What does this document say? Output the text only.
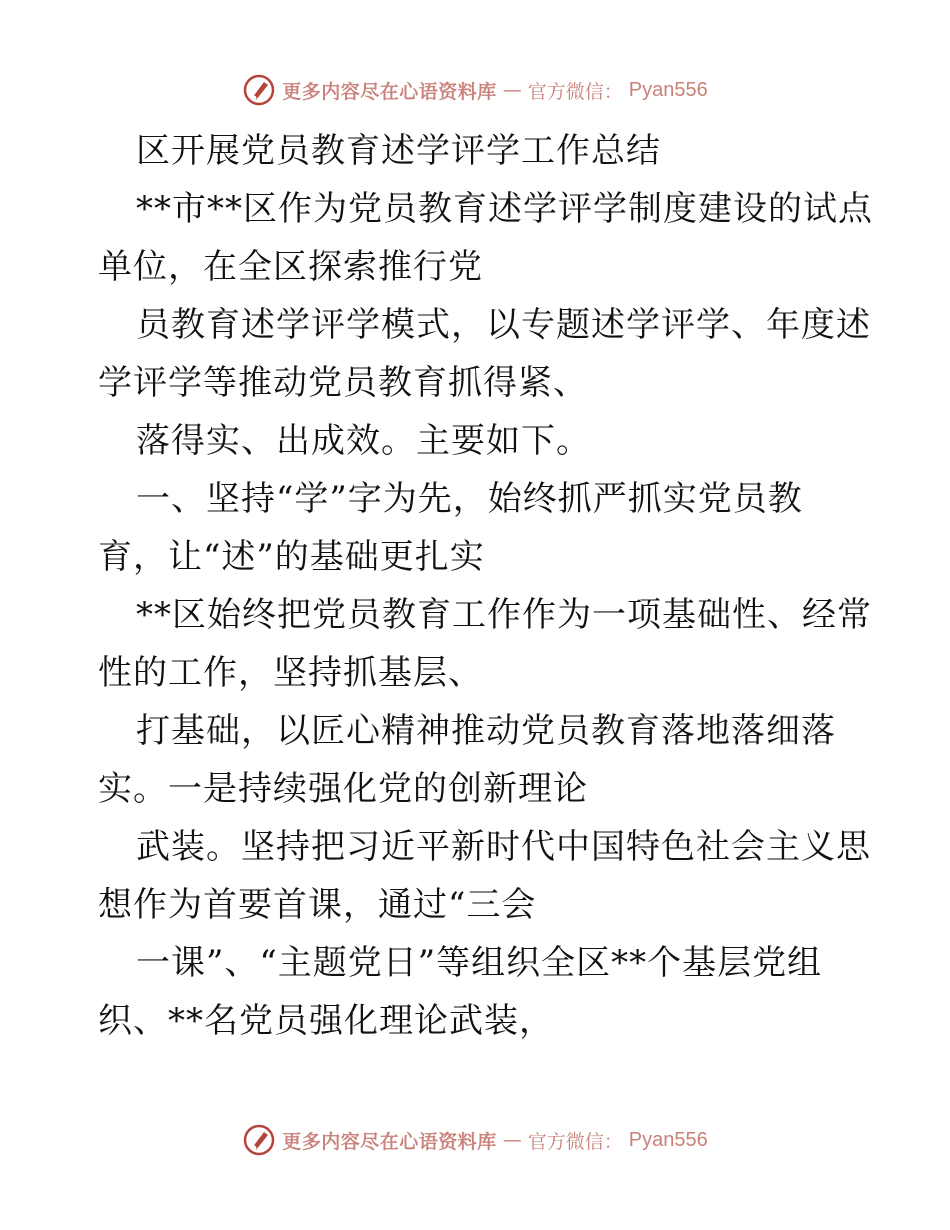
更多内容尽在心语资料库 — 官方微信： Pyan556
区开展党员教育述学评学工作总结
**市**区作为党员教育述学评学制度建设的试点
单位，在全区探索推行党
员教育述学评学模式，以专题述学评学、年度述
学评学等推动党员教育抓得紧、
落得实、出成效。主要如下。
一、坚持“学”字为先，始终抓严抓实党员教
育，让“述”的基础更扎实
**区始终把党员教育工作作为一项基础性、经常
性的工作，坚持抓基层、
打基础，以匠心精神推动党员教育落地落细落
实。一是持续强化党的创新理论
武装。坚持把习近平新时代中国特色社会主义思
想作为首要首课，通过“三会
一课”、“主题党日”等组织全区**个基层党组
织、**名党员强化理论武装，
更多内容尽在心语资料库 — 官方微信： Pyan556
